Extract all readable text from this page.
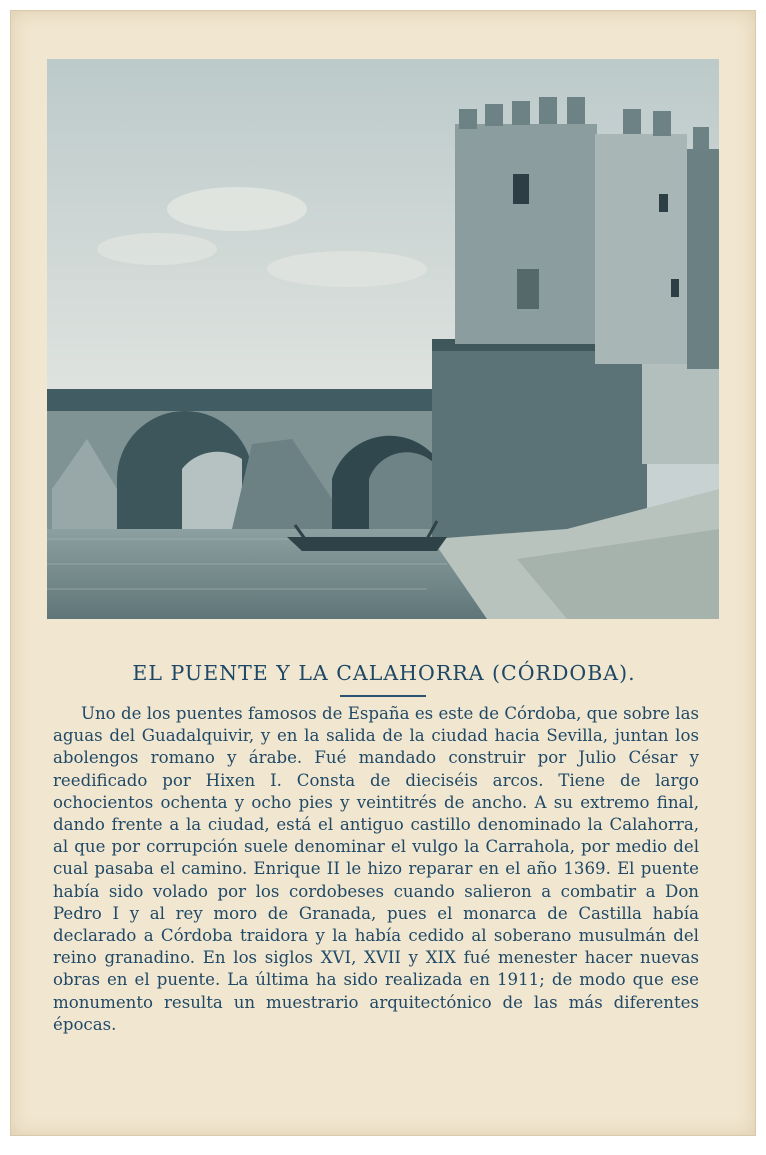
EL PUENTE Y LA CALAHORRA (CÓRDOBA).

Uno de los puentes famosos de España es este de Córdoba, que sobre las aguas del Guadalquivir, y en la salida de la ciudad hacia Sevilla, juntan los abolengos romano y árabe. Fué mandado construir por Julio César y reedificado por Hixen I. Consta de dieciséis arcos. Tiene de largo ochocientos ochenta y ocho pies y veintitrés de ancho. A su extremo final, dando frente a la ciudad, está el antiguo castillo denominado la Calahorra, al que por corrupción suele denominar el vulgo la Carrahola, por medio del cual pasaba el camino. Enrique II le hizo reparar en el año 1369. El puente había sido volado por los cordobeses cuando salieron a combatir a Don Pedro I y al rey moro de Granada, pues el monarca de Castilla había declarado a Córdoba traidora y la había cedido al soberano musulmán del reino granadino. En los siglos XVI, XVII y XIX fué menester hacer nuevas obras en el puente. La última ha sido realizada en 1911; de modo que ese monumento resulta un muestrario arquitectónico de las más diferentes épocas.
